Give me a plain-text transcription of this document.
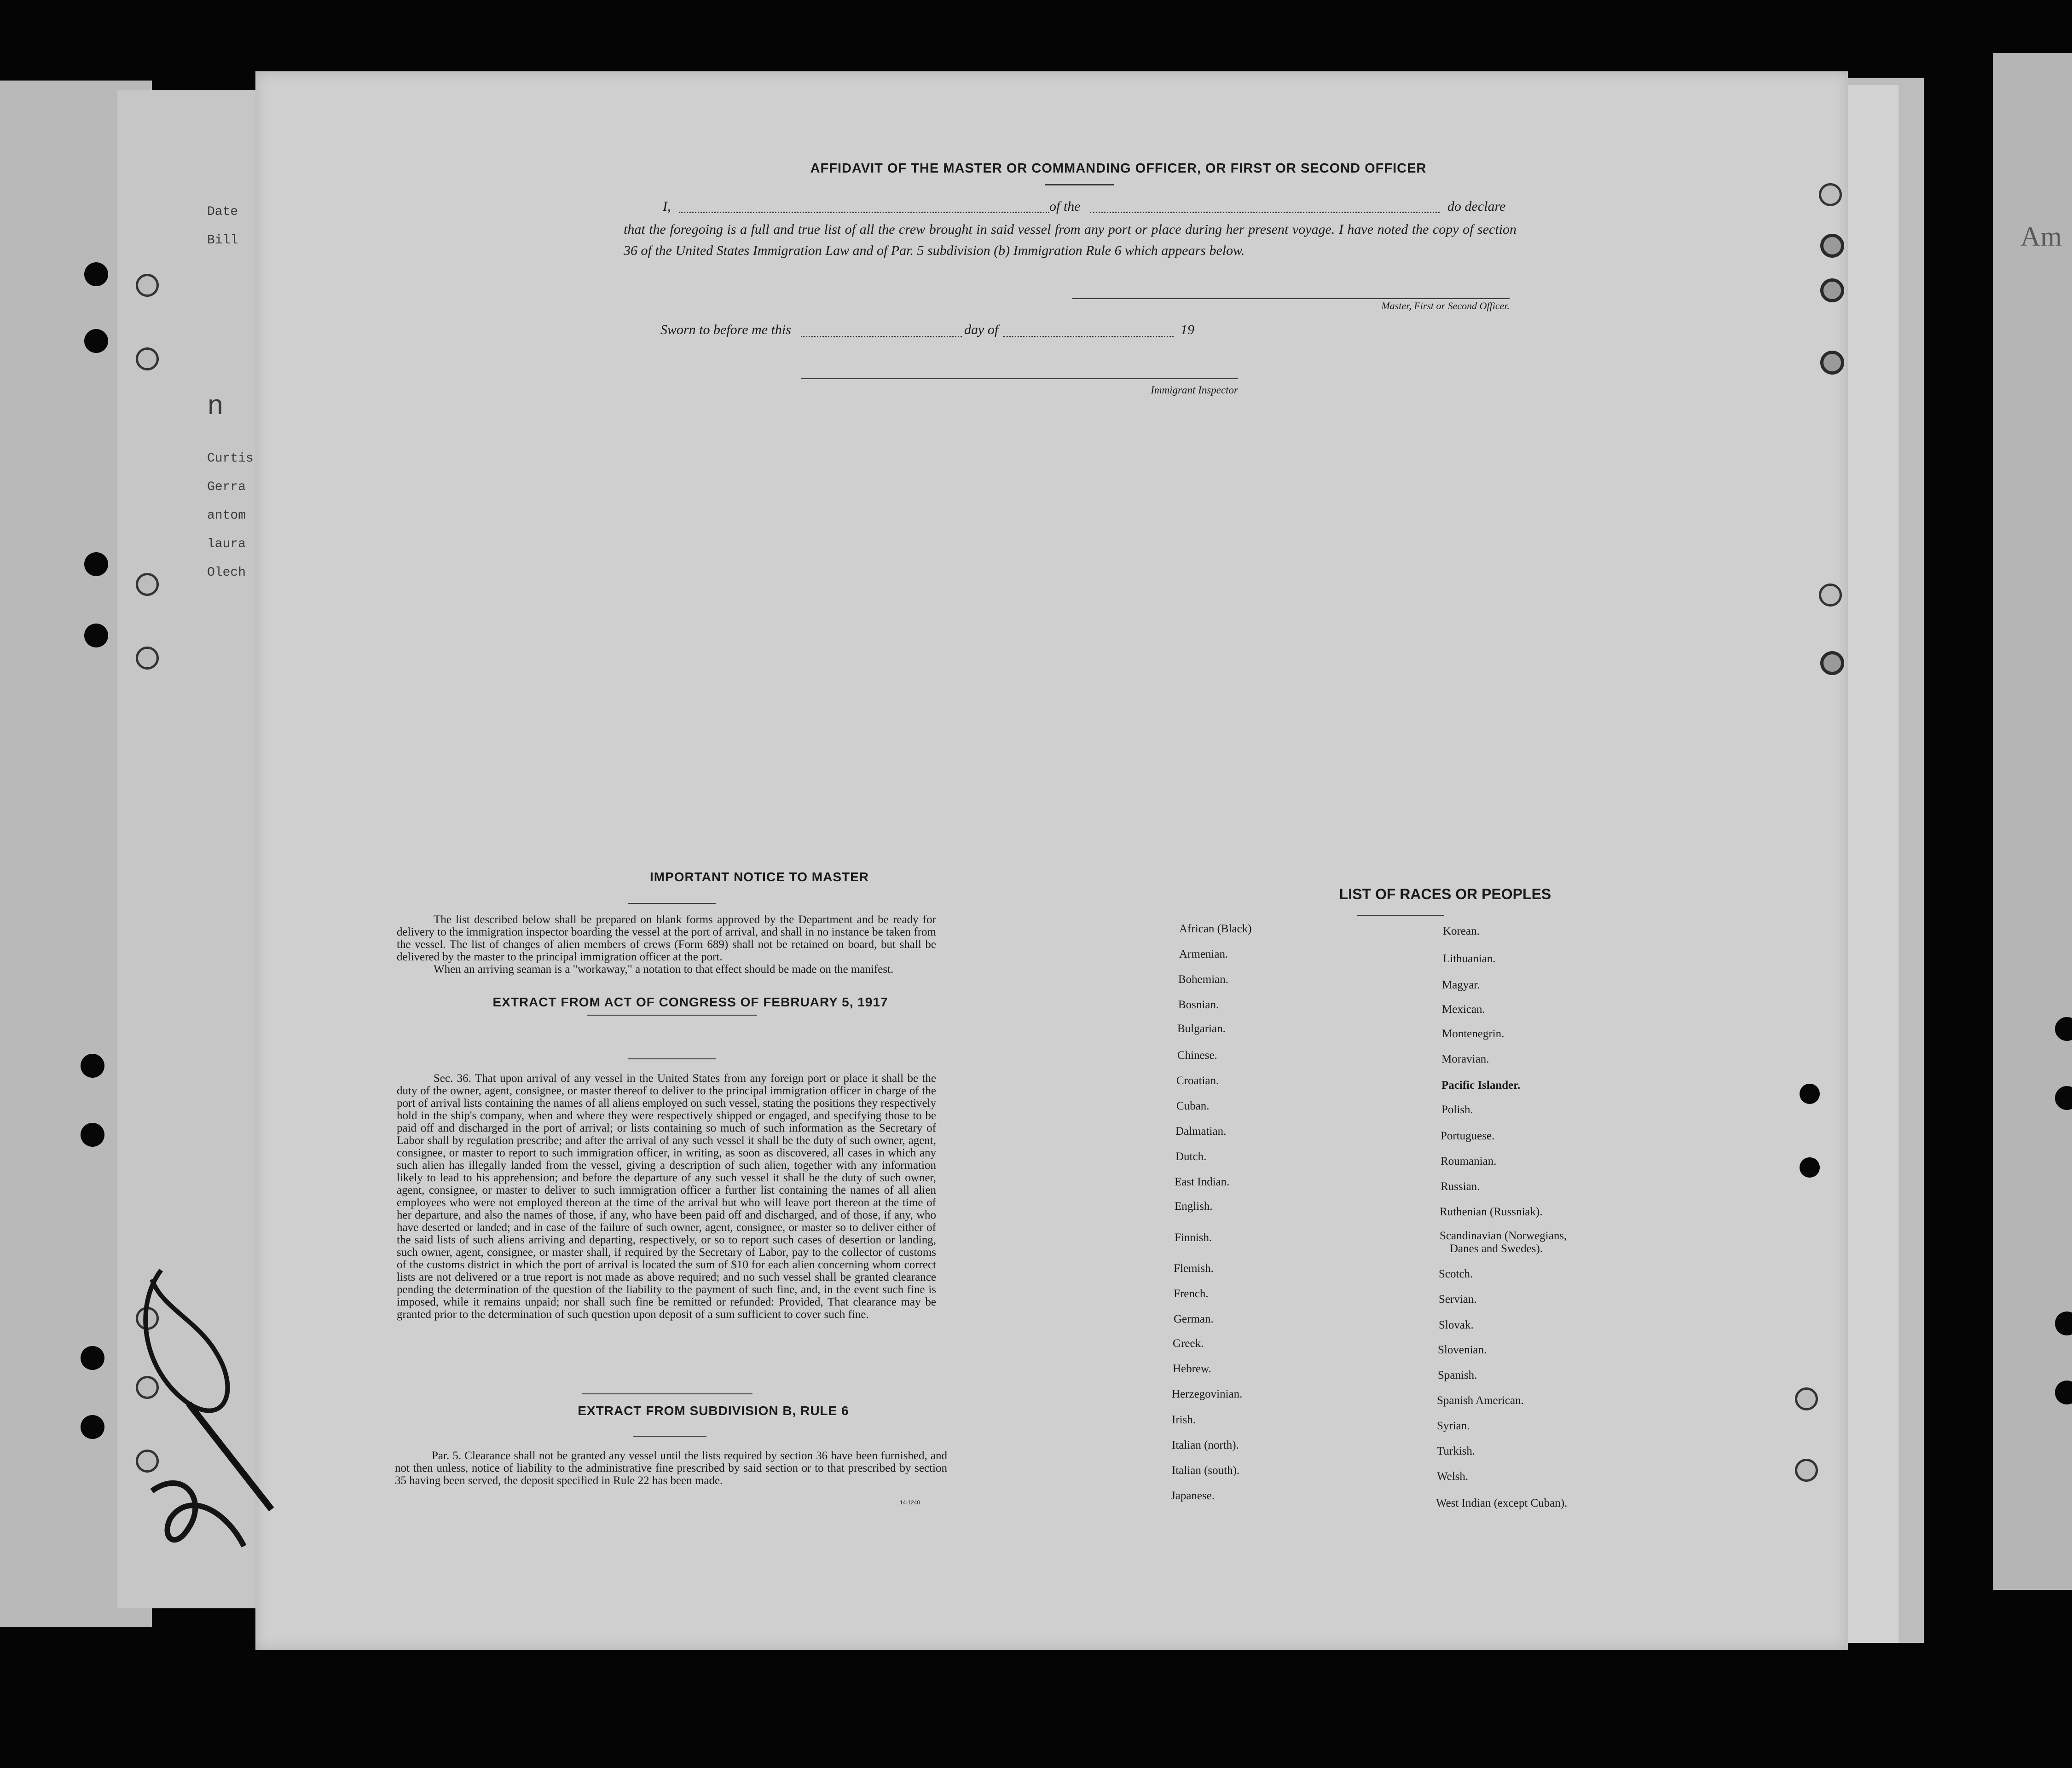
Date
Bill
n
Curtis
Gerra
antom
laura
Olech
Am
AFFIDAVIT OF THE MASTER OR COMMANDING OFFICER, OR FIRST OR SECOND OFFICER
I,	of the	do declare
that the foregoing is a full and true list of all the crew brought in said vessel from any port or place during her present voyage. I have noted the copy of section 36 of the United States Immigration Law and of Par. 5 subdivision (b) Immigration Rule 6 which appears below.
Master, First or Second Officer.
Sworn to before me this	day of	19
Immigrant Inspector
IMPORTANT NOTICE TO MASTER

The list described below shall be prepared on blank forms approved by the Department and be ready for delivery to the immigration inspector boarding the vessel at the port of arrival, and shall in no instance be taken from the vessel. The list of changes of alien members of crews (Form 689) shall not be retained on board, but shall be delivered by the master to the principal immigration officer at the port.

When an arriving seaman is a "workaway," a notation to that effect should be made on the manifest.

EXTRACT FROM ACT OF CONGRESS OF FEBRUARY 5, 1917

Sec. 36. That upon arrival of any vessel in the United States from any foreign port or place it shall be the duty of the owner, agent, consignee, or master thereof to deliver to the principal immigration officer in charge of the port of arrival lists containing the names of all aliens employed on such vessel, stating the positions they respectively hold in the ship's company, when and where they were respectively shipped or engaged, and specifying those to be paid off and discharged in the port of arrival; or lists containing so much of such information as the Secretary of Labor shall by regulation prescribe; and after the arrival of any such vessel it shall be the duty of such owner, agent, consignee, or master to report to such immigration officer, in writing, as soon as discovered, all cases in which any such alien has illegally landed from the vessel, giving a description of such alien, together with any information likely to lead to his apprehension; and before the departure of any such vessel it shall be the duty of such owner, agent, consignee, or master to deliver to such immigration officer a further list containing the names of all alien employees who were not employed thereon at the time of the arrival but who will leave port thereon at the time of her departure, and also the names of those, if any, who have been paid off and discharged, and of those, if any, who have deserted or landed; and in case of the failure of such owner, agent, consignee, or master so to deliver either of the said lists of such aliens arriving and departing, respectively, or so to report such cases of desertion or landing, such owner, agent, consignee, or master shall, if required by the Secretary of Labor, pay to the collector of customs of the customs district in which the port of arrival is located the sum of $10 for each alien concerning whom correct lists are not delivered or a true report is not made as above required; and no such vessel shall be granted clearance pending the determination of the question of the liability to the payment of such fine, and, in the event such fine is imposed, while it remains unpaid; nor shall such fine be remitted or refunded: Provided, That clearance may be granted prior to the determination of such question upon deposit of a sum sufficient to cover such fine.

EXTRACT FROM SUBDIVISION B, RULE 6

Par. 5. Clearance shall not be granted any vessel until the lists required by section 36 have been furnished, and not then unless, notice of liability to the administrative fine prescribed by said section or to that prescribed by section 35 having been served, the deposit specified in Rule 22 has been made.

14-1240
LIST OF RACES OR PEOPLES
African (Black)
Armenian.
Bohemian.
Bosnian.
Bulgarian.
Chinese.
Croatian.
Cuban.
Dalmatian.
Dutch.
East Indian.
English.
Finnish.
Flemish.
French.
German.
Greek.
Hebrew.
Herzegovinian.
Irish.
Italian (north).
Italian (south).
Japanese.
Korean.
Lithuanian.
Magyar.
Mexican.
Montenegrin.
Moravian.
Pacific Islander.
Polish.
Portuguese.
Roumanian.
Russian.
Ruthenian (Russniak).
Scandinavian (Norwegians,
Danes and Swedes).
Scotch.
Servian.
Slovak.
Slovenian.
Spanish.
Spanish American.
Syrian.
Turkish.
Welsh.
West Indian (except Cuban).
